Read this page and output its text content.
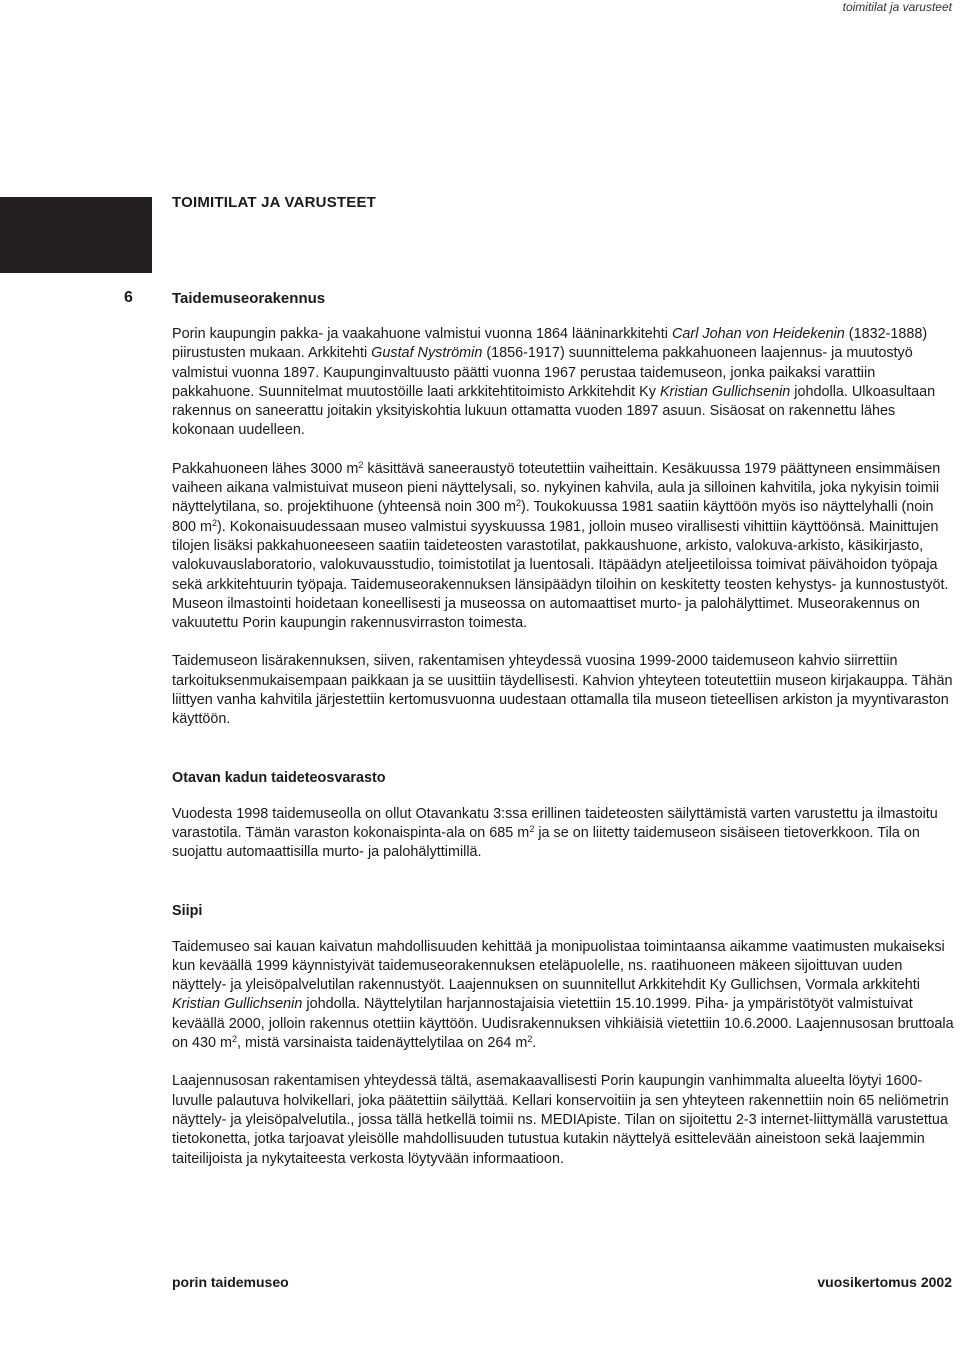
toimitilat ja varusteet
TOIMITILAT JA VARUSTEET
6	Taidemuseorakennus

Porin kaupungin pakka- ja vaakahuone valmistui vuonna 1864 lääninarkkitehti Carl Johan von Heidekenin (1832-1888) piirustusten mukaan. Arkkitehti Gustaf Nyströmin (1856-1917) suunnittelema pakkahuoneen laajennus- ja muutostyö valmistui vuonna 1897. Kaupunginvaltuusto päätti vuonna 1967 perustaa taidemuseon, jonka paikaksi varattiin pakkahuone. Suunnitelmat muutostöille laati arkkitehtitoimisto Arkkitehdit Ky Kristian Gullichsenin johdolla. Ulkoasultaan rakennus on saneerattu joitakin yksityiskohtia lukuun ottamatta vuoden 1897 asuun. Sisäosat on rakennettu lähes kokonaan uudelleen.

Pakkahuoneen lähes 3000 $m^2$ käsittävä saneeraustyö toteutettiin vaiheittain. Kesäkuussa 1979 päättyneen ensimmäisen vaiheen aikana valmistuivat museon pieni näyttelysali, so. nykyinen kahvila, aula ja silloinen kahvitila, joka nykyisin toimii näyttelytilana, so. projektihuone (yhteensä noin 300 $m^2$). Toukokuussa 1981 saatiin käyttöön myös iso näyttelyhalli (noin 800 $m^2$). Kokonaisuudessaan museo valmistui syyskuussa 1981, jolloin museo virallisesti vihittiin käyttöönsä. Mainittujen tilojen lisäksi pakkahuoneeseen saatiin taideteosten varastotilat, pakkaushuone, arkisto, valokuva-arkisto, käsikirjasto, valokuvauslaboratorio, valokuvausstudio, toimistotilat ja luentosali. Itäpäädyn ateljeetiloissa toimivat päivähoidon työpaja sekä arkkitehtuurin työpaja. Taidemuseorakennuksen länsipäädyn tiloihin on keskitetty teosten kehystys- ja kunnostustyöt. Museon ilmastointi hoidetaan koneellisesti ja museossa on automaattiset murto- ja palohälyttimet. Museorakennus on vakuutettu Porin kaupungin rakennusvirraston toimesta.

Taidemuseon lisärakennuksen, siiven, rakentamisen yhteydessä vuosina 1999-2000 taidemuseon kahvio siirrettiin tarkoituksenmukaisempaan paikkaan ja se uusittiin täydellisesti. Kahvion yhteyteen toteutettiin museon kirjakauppa. Tähän liittyen vanha kahvitila järjestettiin kertomusvuonna uudestaan ottamalla tila museon tieteellisen arkiston ja myyntivaraston käyttöön.

Otavan kadun taideteosvarasto

Vuodesta 1998 taidemuseolla on ollut Otavankatu 3:ssa erillinen taideteosten säilyttämistä varten varustettu ja ilmastoitu varastotila. Tämän varaston kokonaispinta-ala on 685 $m^2$ ja se on liitetty taidemuseon sisäiseen tietoverkkoon. Tila on suojattu automaattisilla murto- ja palohälyttimillä.

Siipi

Taidemuseo sai kauan kaivatun mahdollisuuden kehittää ja monipuolistaa toimintaansa aikamme vaatimusten mukaiseksi kun keväällä 1999 käynnistyivät taidemuseorakennuksen eteläpuolelle, ns. raatihuoneen mäkeen sijoittuvan uuden näyttely- ja yleisöpalvelutilan rakennustyöt. Laajennuksen on suunnitellut Arkkitehdit Ky Gullichsen, Vormala arkkitehti Kristian Gullichsenin johdolla. Näyttelytilan harjannostajaisia vietettiin 15.10.1999. Piha- ja ympäristötyöt valmistuivat keväällä 2000, jolloin rakennus otettiin käyttöön. Uudisrakennuksen vihkiäisiä vietettiin 10.6.2000. Laajennusosan bruttoala on 430 $m^2$, mistä varsinaista taidenäyttelytilaa on 264 $m^2$.

Laajennusosan rakentamisen yhteydessä tältä, asemakaavallisesti Porin kaupungin vanhimmalta alueelta löytyi 1600-luvulle palautuva holvikellari, joka päätettiin säilyttää. Kellari konservoitiin ja sen yhteyteen rakennettiin noin 65 neliömetrin näyttely- ja yleisöpalvelutila., jossa tällä hetkellä toimii ns. MEDIApiste. Tilan on sijoitettu 2-3 internet-liittymällä varustettua tietokonetta, jotka tarjoavat yleisölle mahdollisuuden tutustua kutakin näyttelyä esittelevään aineistoon sekä laajemmin taiteilijoista ja nykytaiteesta verkosta löytyvään informaatioon.

porin taidemuseo	vuosikertomus 2002
